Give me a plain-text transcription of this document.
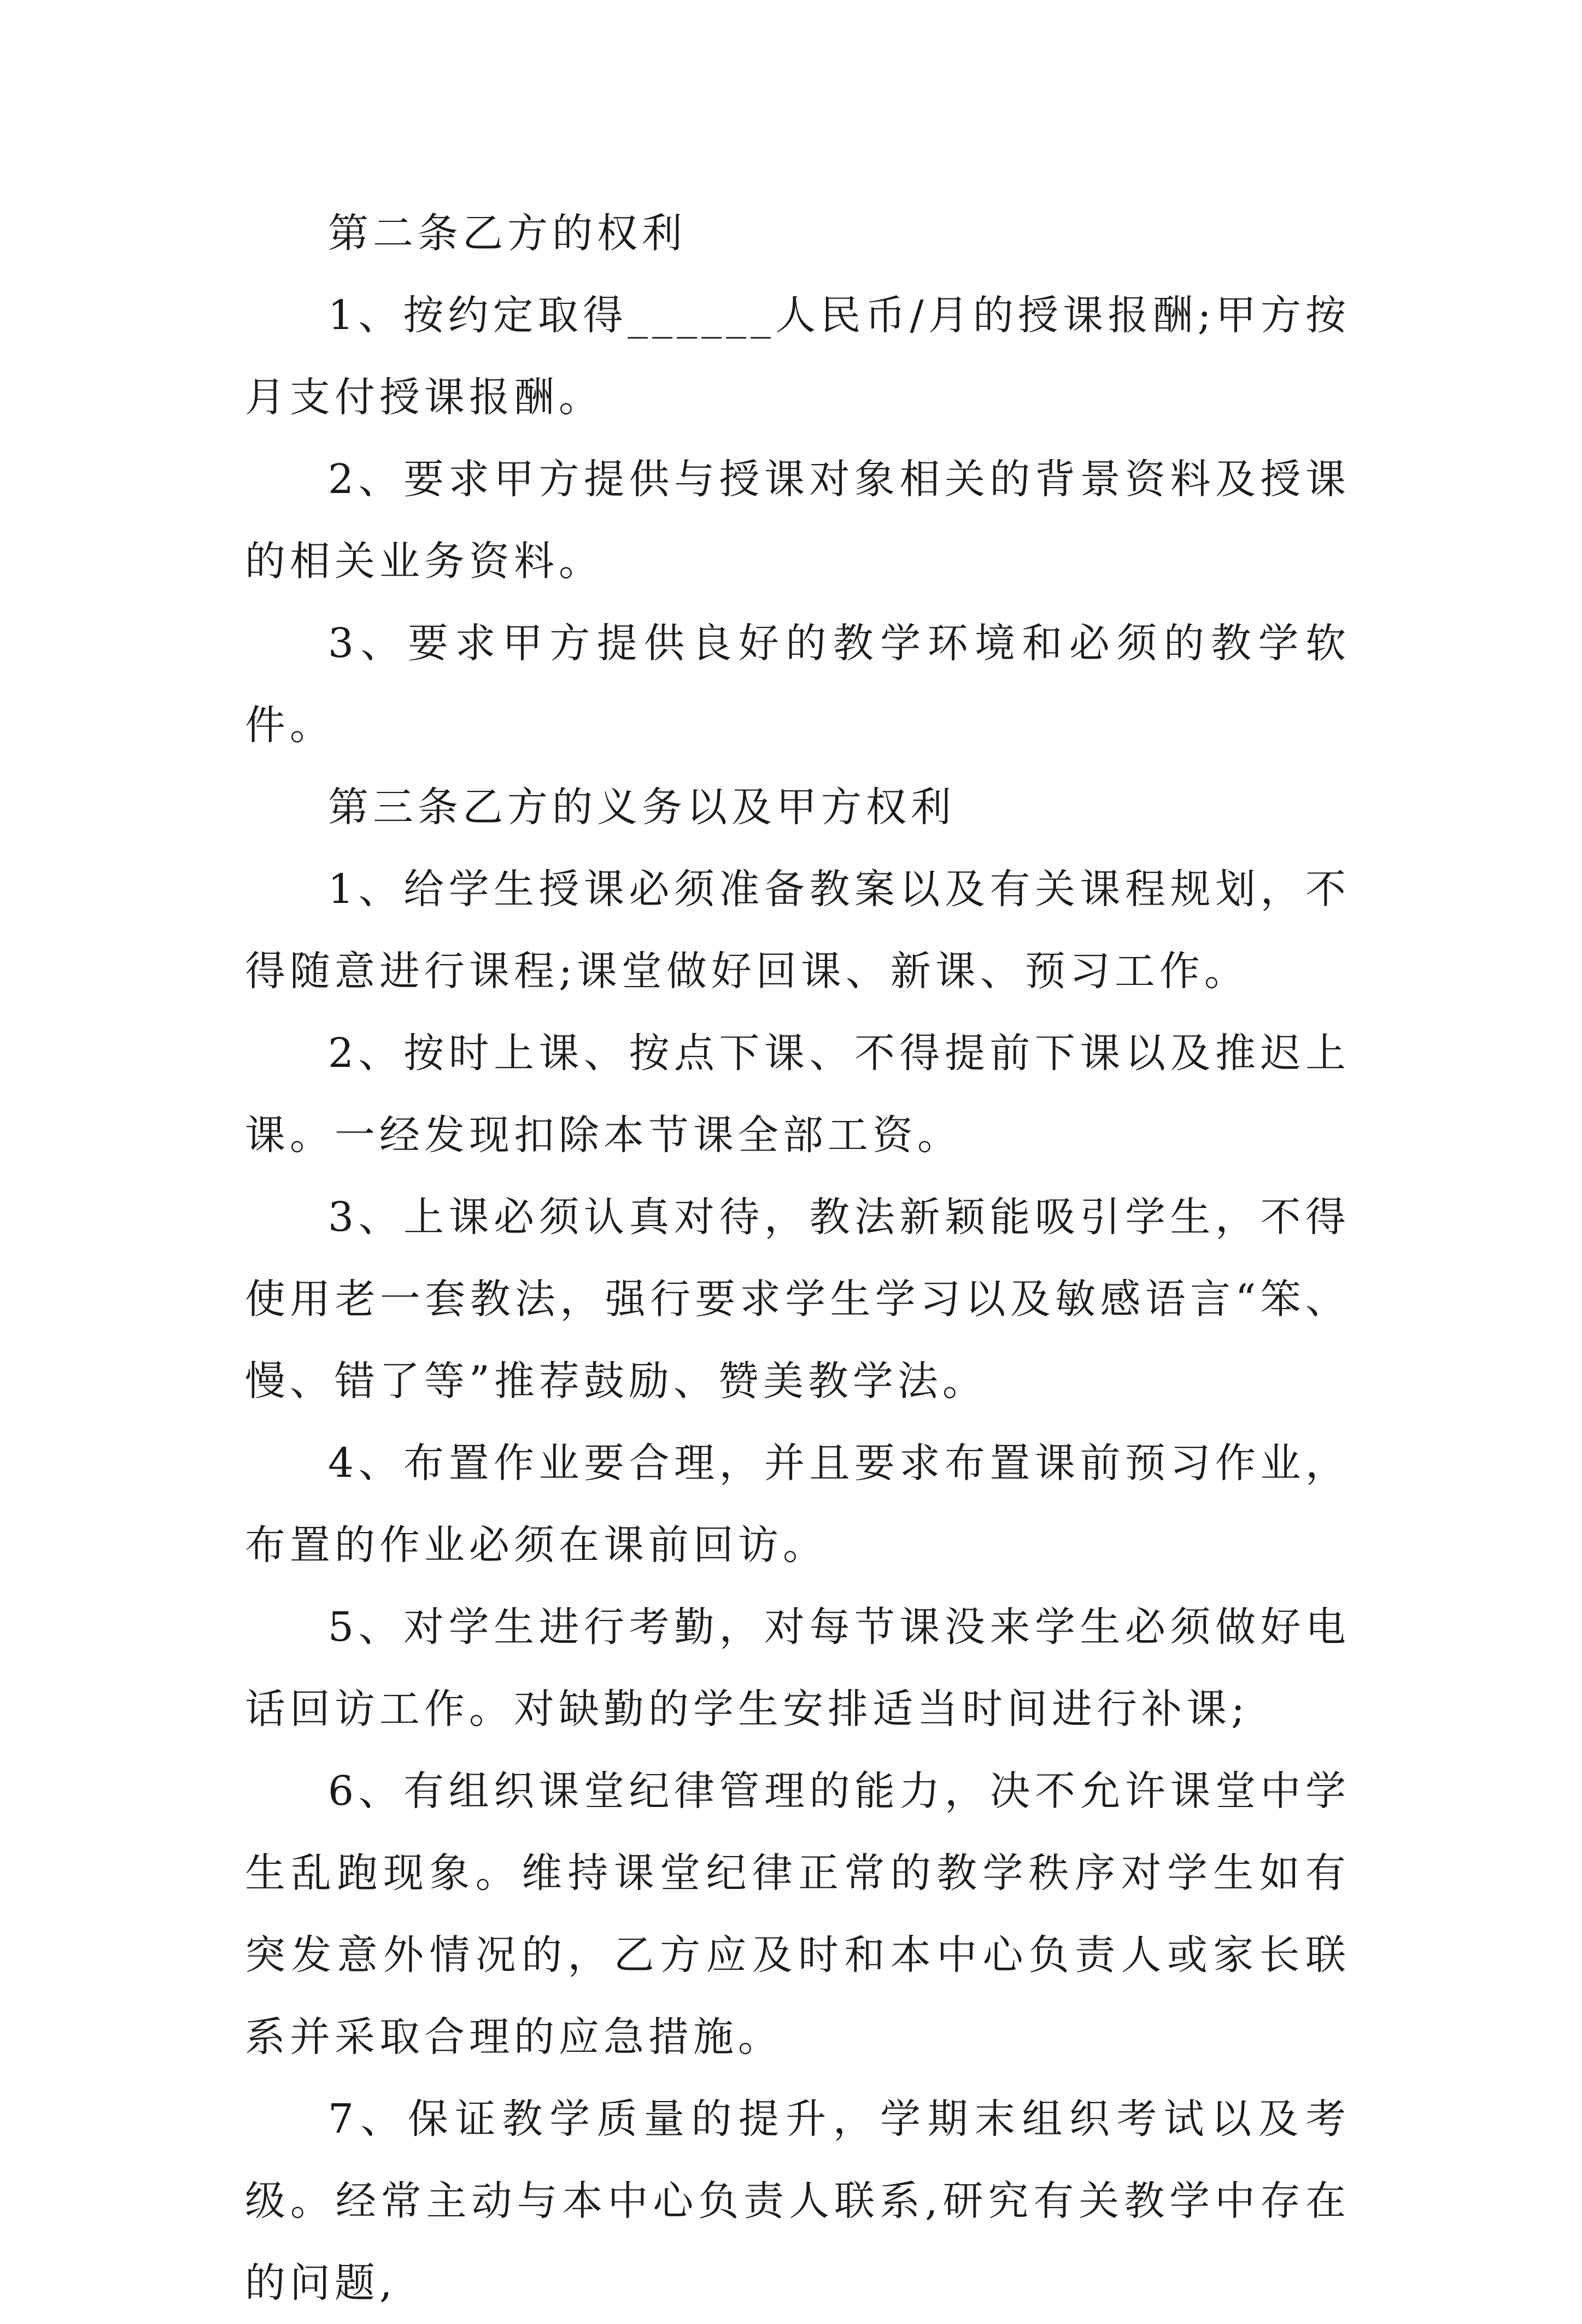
第二条乙方的权利

1、按约定取得______人民币/月的授课报酬;甲方按月支付授课报酬。

2、要求甲方提供与授课对象相关的背景资料及授课的相关业务资料。

3、要求甲方提供良好的教学环境和必须的教学软件。

第三条乙方的义务以及甲方权利

1、给学生授课必须准备教案以及有关课程规划，不得随意进行课程;课堂做好回课、新课、预习工作。

2、按时上课、按点下课、不得提前下课以及推迟上课。一经发现扣除本节课全部工资。

3、上课必须认真对待，教法新颖能吸引学生，不得使用老一套教法，强行要求学生学习以及敏感语言“笨、慢、错了等”推荐鼓励、赞美教学法。

4、布置作业要合理，并且要求布置课前预习作业，布置的作业必须在课前回访。

5、对学生进行考勤，对每节课没来学生必须做好电话回访工作。对缺勤的学生安排适当时间进行补课;

6、有组织课堂纪律管理的能力，决不允许课堂中学生乱跑现象。维持课堂纪律正常的教学秩序对学生如有突发意外情况的，乙方应及时和本中心负责人或家长联系并采取合理的应急措施。

7、保证教学质量的提升，学期末组织考试以及考级。经常主动与本中心负责人联系,研究有关教学中存在的问题,
